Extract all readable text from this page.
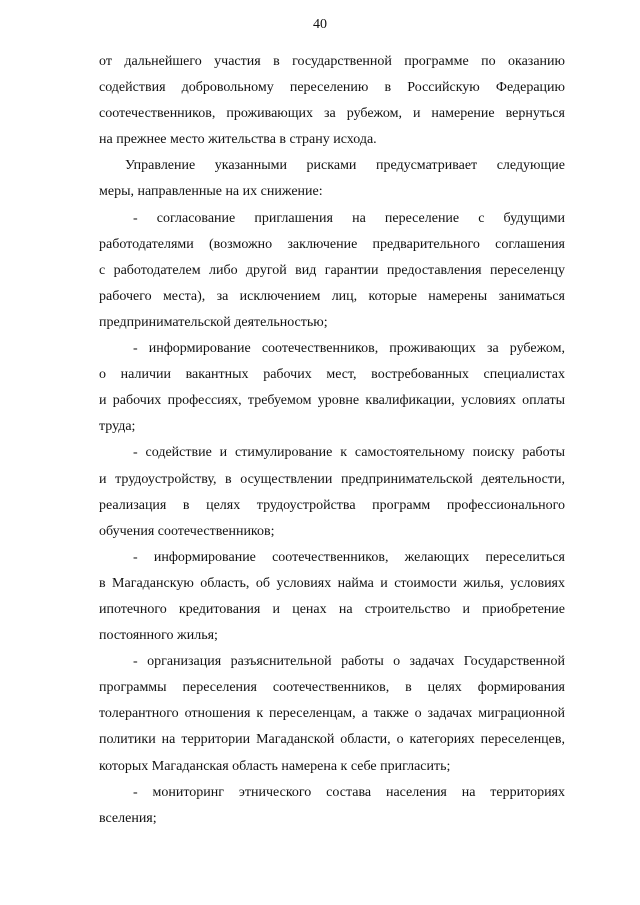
40
от дальнейшего участия в государственной программе по оказанию
содействия добровольному переселению в Российскую Федерацию
соотечественников, проживающих за рубежом, и намерение вернуться
на прежнее место жительства в страну исхода.
Управление указанными рисками предусматривает следующие
меры, направленные на их снижение:
- согласование приглашения на переселение с будущими
работодателями (возможно заключение предварительного соглашения
с работодателем либо другой вид гарантии предоставления переселенцу
рабочего места), за исключением лиц, которые намерены заниматься
предпринимательской деятельностью;
- информирование соотечественников, проживающих за рубежом,
о наличии вакантных рабочих мест, востребованных специалистах
и рабочих профессиях, требуемом уровне квалификации, условиях оплаты
труда;
- содействие и стимулирование к самостоятельному поиску работы
и трудоустройству, в осуществлении предпринимательской деятельности,
реализация в целях трудоустройства программ профессионального
обучения соотечественников;
- информирование соотечественников, желающих переселиться
в Магаданскую область, об условиях найма и стоимости жилья, условиях
ипотечного кредитования и ценах на строительство и приобретение
постоянного жилья;
- организация разъяснительной работы о задачах Государственной
программы переселения соотечественников, в целях формирования
толерантного отношения к переселенцам, а также о задачах миграционной
политики на территории Магаданской области, о категориях переселенцев,
которых Магаданская область намерена к себе пригласить;
- мониторинг этнического состава населения на территориях
вселения;
